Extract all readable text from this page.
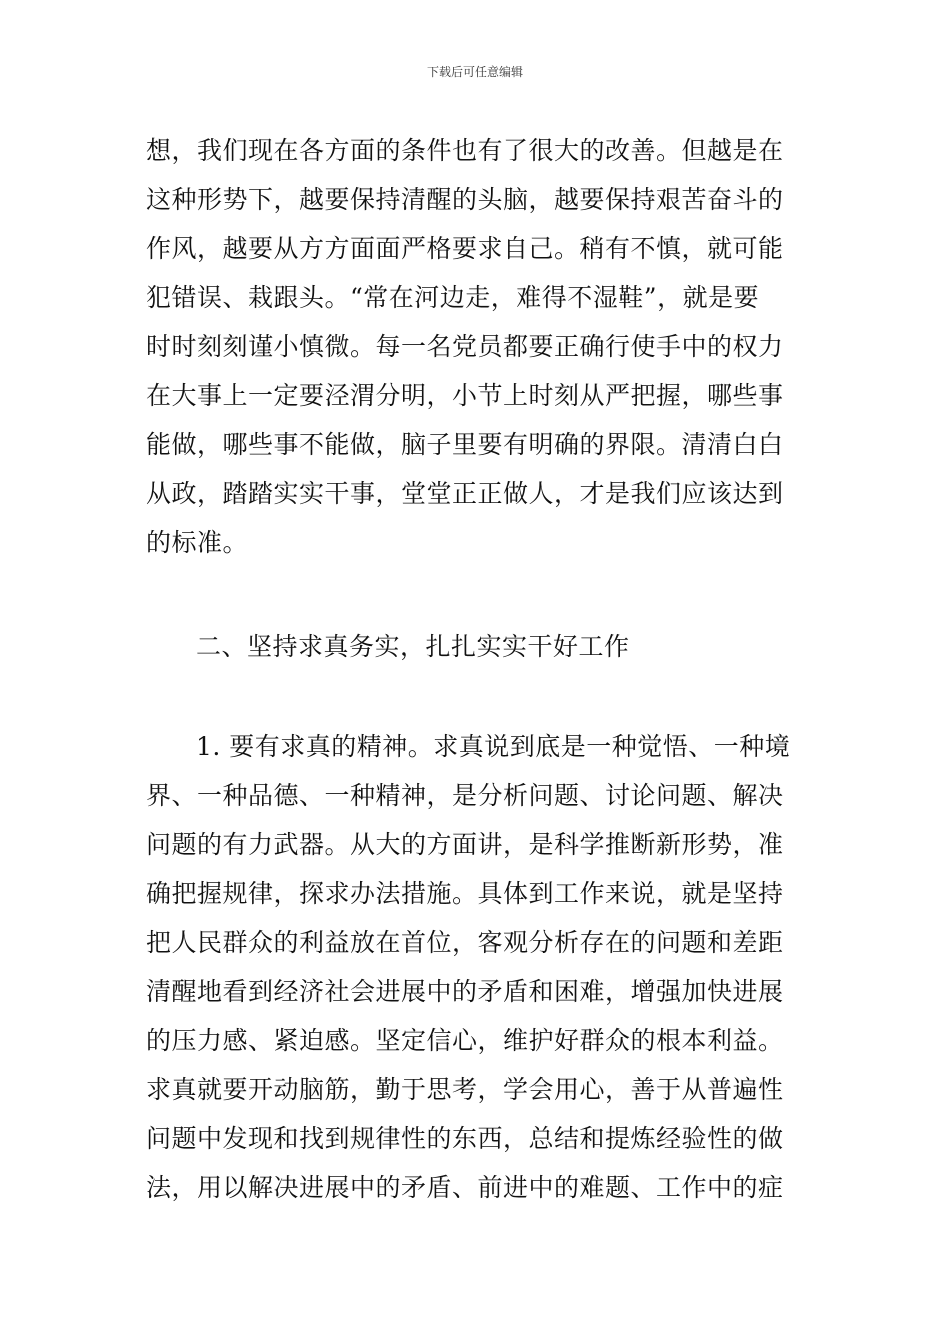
下载后可任意编辑
想，我们现在各方面的条件也有了很大的改善。但越是在
这种形势下，越要保持清醒的头脑，越要保持艰苦奋斗的
作风，越要从方方面面严格要求自己。稍有不慎，就可能
犯错误、栽跟头。“常在河边走，难得不湿鞋”，就是要
时时刻刻谨小慎微。每一名党员都要正确行使手中的权力
在大事上一定要泾渭分明，小节上时刻从严把握，哪些事
能做，哪些事不能做，脑子里要有明确的界限。清清白白
从政，踏踏实实干事，堂堂正正做人，才是我们应该达到
的标准。
二、坚持求真务实，扎扎实实干好工作
1. 要有求真的精神。求真说到底是一种觉悟、一种境
界、一种品德、一种精神，是分析问题、讨论问题、解决
问题的有力武器。从大的方面讲，是科学推断新形势，准
确把握规律，探求办法措施。具体到工作来说，就是坚持
把人民群众的利益放在首位，客观分析存在的问题和差距
清醒地看到经济社会进展中的矛盾和困难，增强加快进展
的压力感、紧迫感。坚定信心，维护好群众的根本利益。
求真就要开动脑筋，勤于思考，学会用心，善于从普遍性
问题中发现和找到规律性的东西，总结和提炼经验性的做
法，用以解决进展中的矛盾、前进中的难题、工作中的症
